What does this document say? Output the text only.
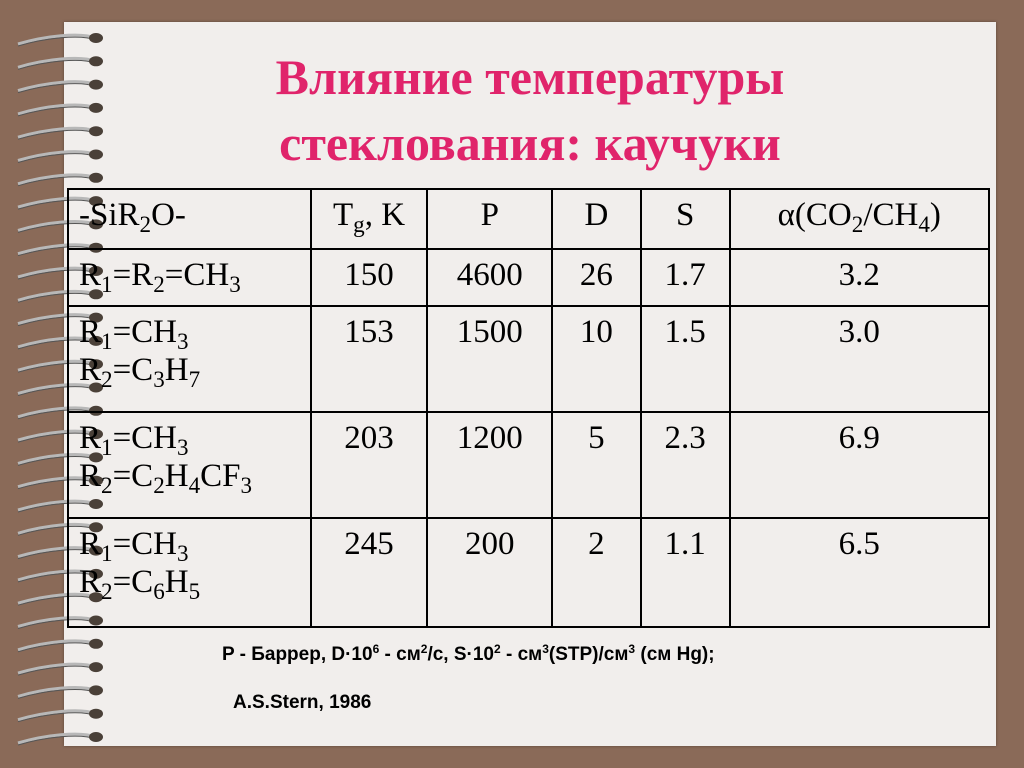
Влияние температуры
стеклования: каучуки
-SiR$_2$O-	$T_g$, K	P	D	S	$\alpha(CO_2/CH_4)$

$R_1=R_2=CH_3$	150	4600	26	1.7	3.2

$R_1=CH_3$
$R_2=C_3H_7$	153	1500	10	1.5	3.0

$R_1=CH_3$
$R_2=C_2H_4CF_3$	203	1200	5	2.3	6.9

$R_1=CH_3$
$R_2=C_6H_5$	245	200	2	1.1	6.5
P - Баррер, $D\cdot 10^6 - см^2/с$, $S\cdot 10^2 - см^3(STP)/см^3$ (см Hg);
A.S.Stern, 1986
